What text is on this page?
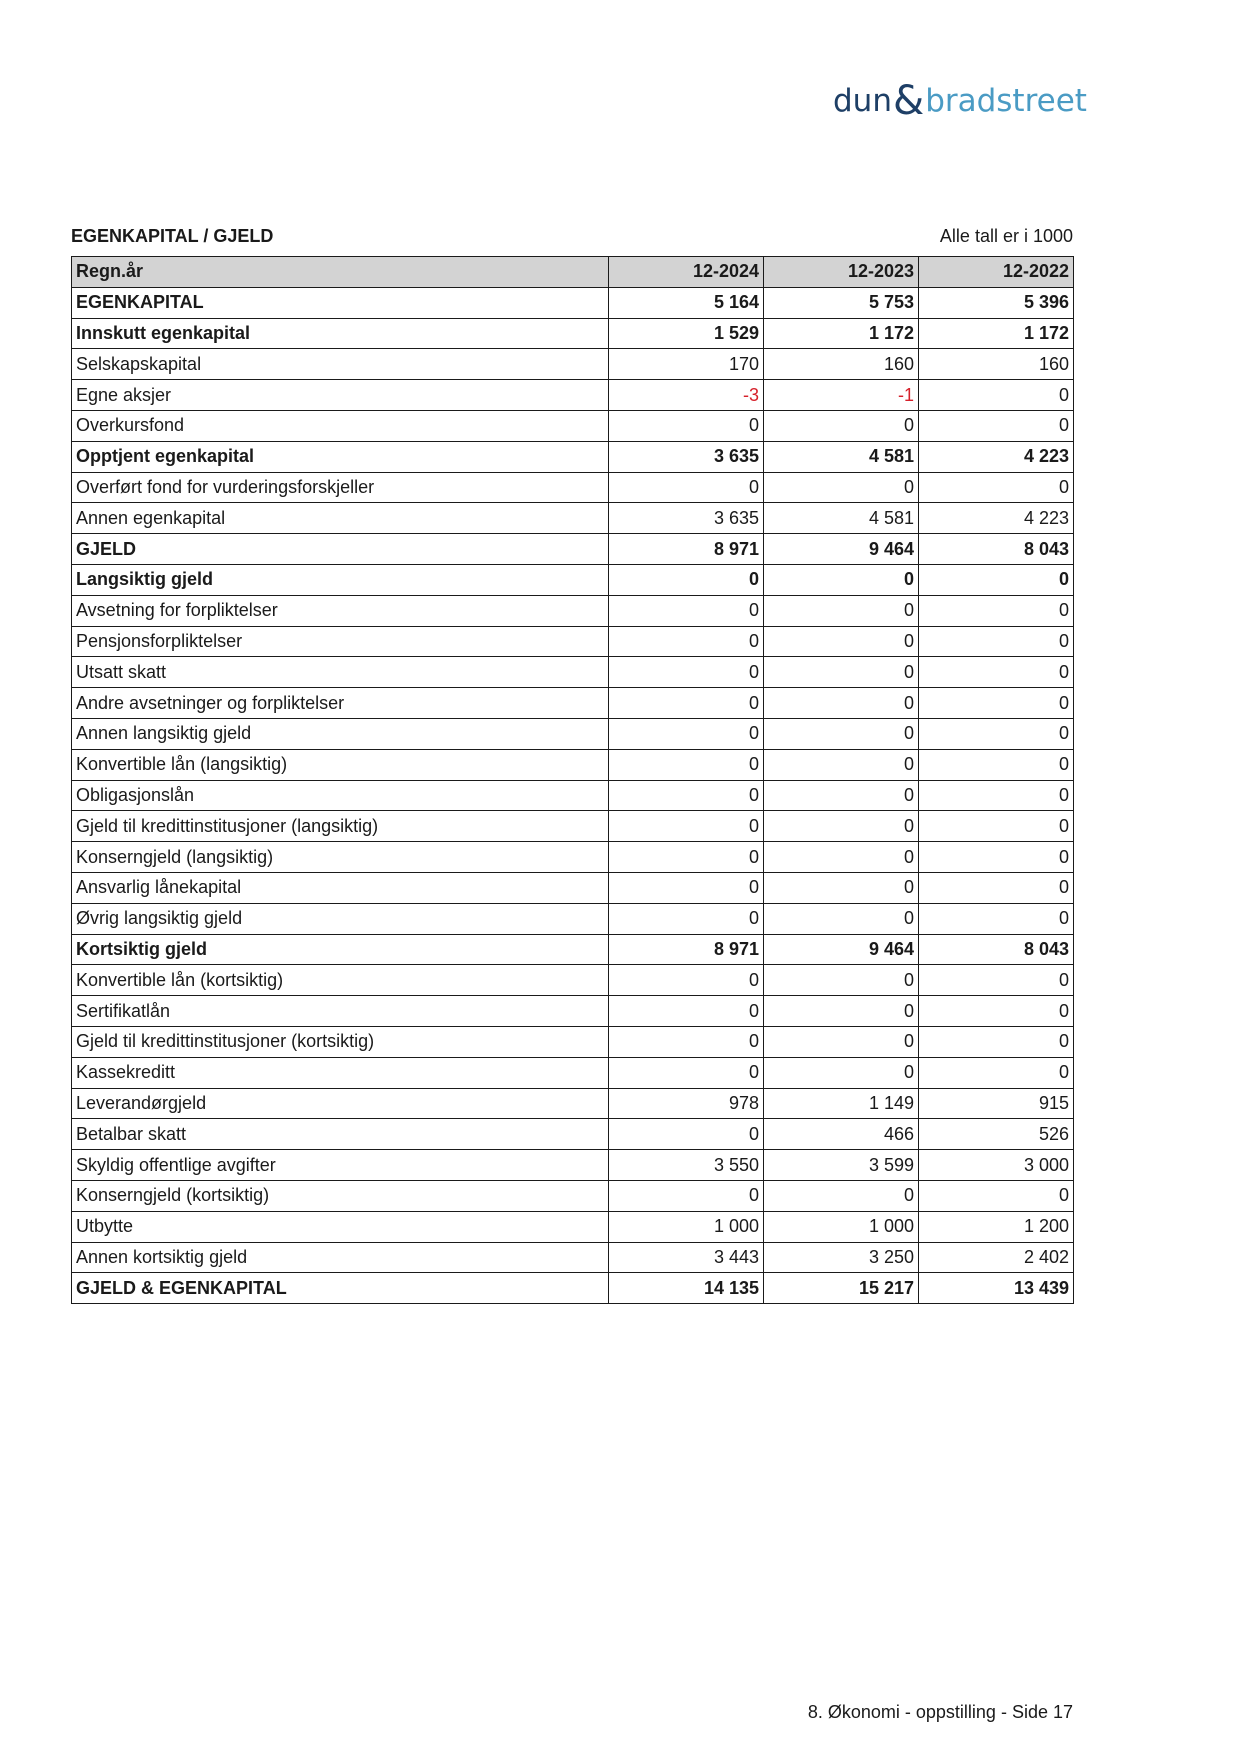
dun&bradstreet
EGENKAPITAL / GJELD	Alle tall er i 1000
Regn.år	12-2024	12-2023	12-2022
EGENKAPITAL	5 164	5 753	5 396
Innskutt egenkapital	1 529	1 172	1 172
Selskapskapital	170	160	160
Egne aksjer	-3	-1	0
Overkursfond	0	0	0
Opptjent egenkapital	3 635	4 581	4 223
Overført fond for vurderingsforskjeller	0	0	0
Annen egenkapital	3 635	4 581	4 223
GJELD	8 971	9 464	8 043
Langsiktig gjeld	0	0	0
Avsetning for forpliktelser	0	0	0
Pensjonsforpliktelser	0	0	0
Utsatt skatt	0	0	0
Andre avsetninger og forpliktelser	0	0	0
Annen langsiktig gjeld	0	0	0
Konvertible lån (langsiktig)	0	0	0
Obligasjonslån	0	0	0
Gjeld til kredittinstitusjoner (langsiktig)	0	0	0
Konserngjeld (langsiktig)	0	0	0
Ansvarlig lånekapital	0	0	0
Øvrig langsiktig gjeld	0	0	0
Kortsiktig gjeld	8 971	9 464	8 043
Konvertible lån (kortsiktig)	0	0	0
Sertifikatlån	0	0	0
Gjeld til kredittinstitusjoner (kortsiktig)	0	0	0
Kassekreditt	0	0	0
Leverandørgjeld	978	1 149	915
Betalbar skatt	0	466	526
Skyldig offentlige avgifter	3 550	3 599	3 000
Konserngjeld (kortsiktig)	0	0	0
Utbytte	1 000	1 000	1 200
Annen kortsiktig gjeld	3 443	3 250	2 402
GJELD & EGENKAPITAL	14 135	15 217	13 439
8. Økonomi - oppstilling - Side 17
